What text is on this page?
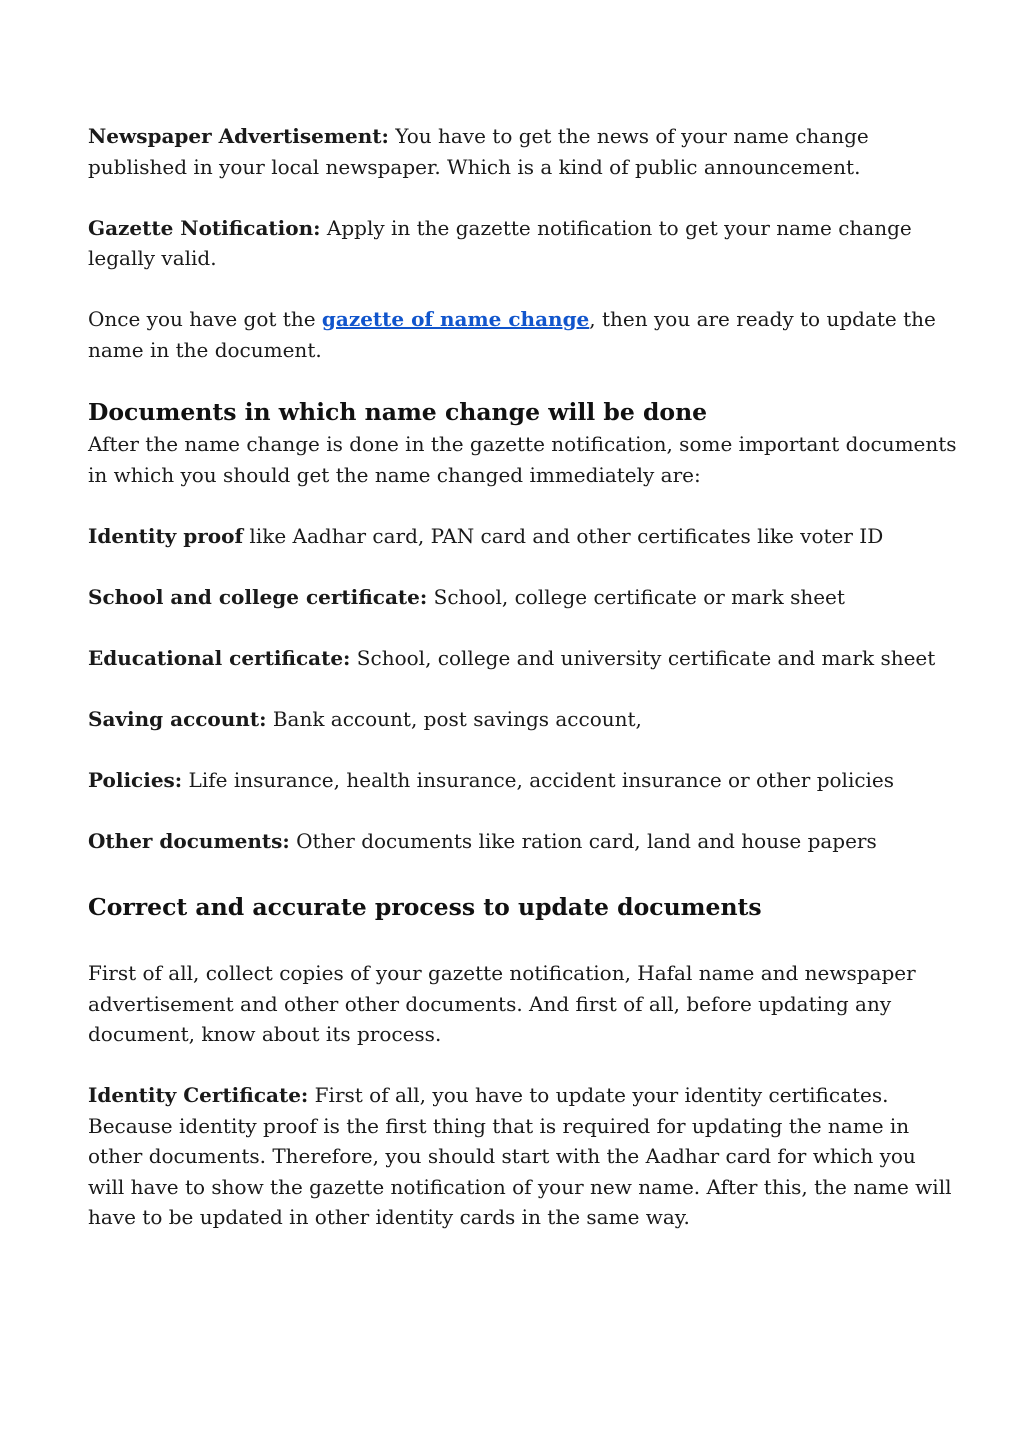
Newspaper Advertisement: You have to get the news of your name change published in your local newspaper. Which is a kind of public announcement.

Gazette Notification: Apply in the gazette notification to get your name change legally valid.

Once you have got the gazette of name change, then you are ready to update the name in the document.

Documents in which name change will be done

After the name change is done in the gazette notification, some important documents in which you should get the name changed immediately are:

Identity proof like Aadhar card, PAN card and other certificates like voter ID

School and college certificate: School, college certificate or mark sheet

Educational certificate: School, college and university certificate and mark sheet

Saving account: Bank account, post savings account,

Policies: Life insurance, health insurance, accident insurance or other policies

Other documents: Other documents like ration card, land and house papers

Correct and accurate process to update documents

First of all, collect copies of your gazette notification, Hafal name and newspaper advertisement and other other documents. And first of all, before updating any document, know about its process.

Identity Certificate: First of all, you have to update your identity certificates. Because identity proof is the first thing that is required for updating the name in other documents. Therefore, you should start with the Aadhar card for which you will have to show the gazette notification of your new name. After this, the name will have to be updated in other identity cards in the same way.
